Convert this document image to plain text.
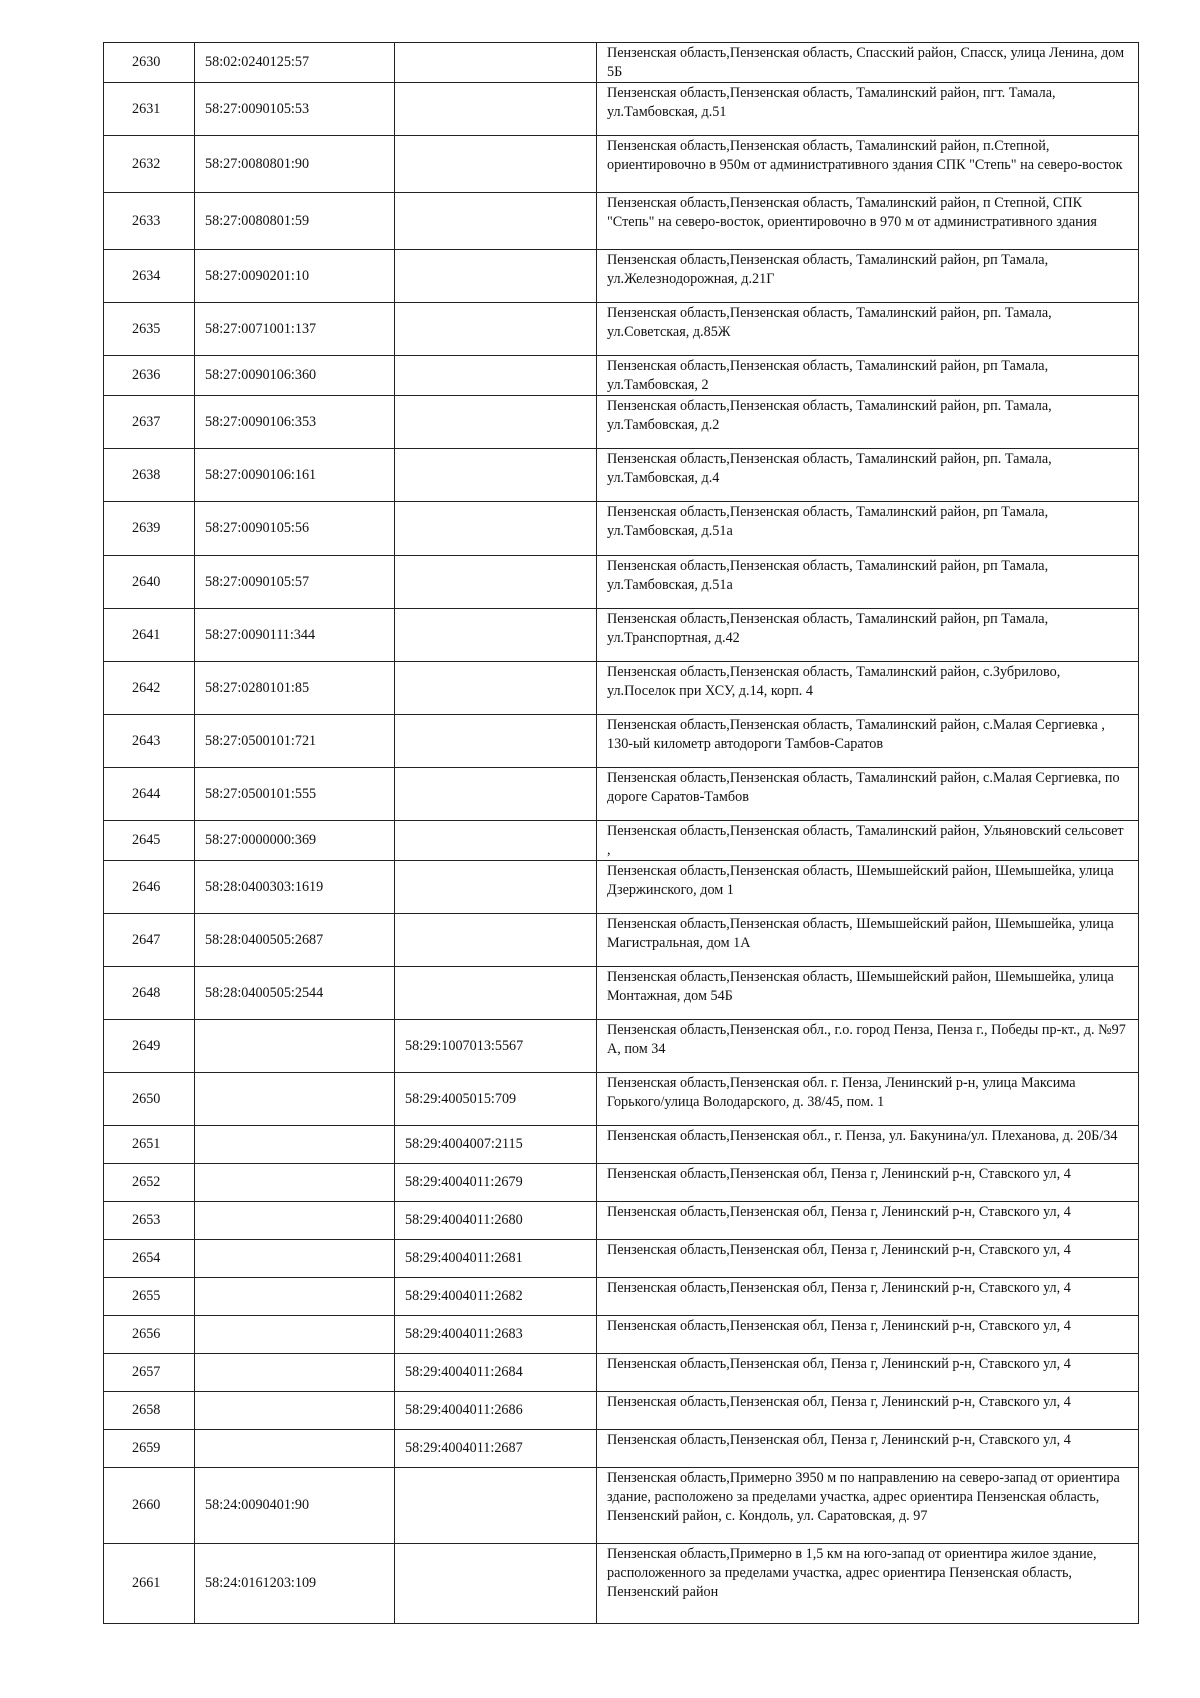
2630	58:02:0240125:57		Пензенская область,Пензенская область, Спасский район, Спасск, улица Ленина, дом 5Б
2631	58:27:0090105:53		Пензенская область,Пензенская область, Тамалинский район, пгт. Тамала, ул.Тамбовская, д.51
2632	58:27:0080801:90		Пензенская область,Пензенская область, Тамалинский район, п.Степной, ориентировочно в 950м от административного здания СПК "Степь" на северо-восток
2633	58:27:0080801:59		Пензенская область,Пензенская область, Тамалинский район, п Степной, СПК "Степь" на северо-восток, ориентировочно в 970 м от административного здания
2634	58:27:0090201:10		Пензенская область,Пензенская область, Тамалинский район, рп Тамала, ул.Железнодорожная, д.21Г
2635	58:27:0071001:137		Пензенская область,Пензенская область, Тамалинский район, рп. Тамала, ул.Советская, д.85Ж
2636	58:27:0090106:360		Пензенская область,Пензенская область, Тамалинский район, рп Тамала, ул.Тамбовская, 2
2637	58:27:0090106:353		Пензенская область,Пензенская область, Тамалинский район, рп. Тамала, ул.Тамбовская, д.2
2638	58:27:0090106:161		Пензенская область,Пензенская область, Тамалинский район, рп. Тамала, ул.Тамбовская, д.4
2639	58:27:0090105:56		Пензенская область,Пензенская область, Тамалинский район, рп Тамала, ул.Тамбовская, д.51а
2640	58:27:0090105:57		Пензенская область,Пензенская область, Тамалинский район, рп Тамала, ул.Тамбовская, д.51а
2641	58:27:0090111:344		Пензенская область,Пензенская область, Тамалинский район, рп Тамала, ул.Транспортная, д.42
2642	58:27:0280101:85		Пензенская область,Пензенская область, Тамалинский район, с.Зубрилово, ул.Поселок при ХСУ, д.14, корп. 4
2643	58:27:0500101:721		Пензенская область,Пензенская область, Тамалинский район, с.Малая Сергиевка , 130-ый километр автодороги Тамбов-Саратов
2644	58:27:0500101:555		Пензенская область,Пензенская область, Тамалинский район, с.Малая Сергиевка, по дороге Саратов-Тамбов
2645	58:27:0000000:369		Пензенская область,Пензенская область, Тамалинский район, Ульяновский сельсовет ,
2646	58:28:0400303:1619		Пензенская область,Пензенская область, Шемышейский район, Шемышейка, улица Дзержинского, дом 1
2647	58:28:0400505:2687		Пензенская область,Пензенская область, Шемышейский район, Шемышейка, улица Магистральная, дом 1А
2648	58:28:0400505:2544		Пензенская область,Пензенская область, Шемышейский район, Шемышейка, улица Монтажная, дом 54Б
2649		58:29:1007013:5567	Пензенская область,Пензенская обл., г.о. город Пенза, Пенза г., Победы пр-кт., д. №97 А, пом 34
2650		58:29:4005015:709	Пензенская область,Пензенская обл. г. Пенза, Ленинский р-н, улица Максима Горького/улица Володарского, д. 38/45, пом. 1
2651		58:29:4004007:2115	Пензенская область,Пензенская обл., г. Пенза, ул. Бакунина/ул. Плеханова, д. 20Б/34
2652		58:29:4004011:2679	Пензенская область,Пензенская обл, Пенза г, Ленинский р-н, Ставского ул, 4
2653		58:29:4004011:2680	Пензенская область,Пензенская обл, Пенза г, Ленинский р-н, Ставского ул, 4
2654		58:29:4004011:2681	Пензенская область,Пензенская обл, Пенза г, Ленинский р-н, Ставского ул, 4
2655		58:29:4004011:2682	Пензенская область,Пензенская обл, Пенза г, Ленинский р-н, Ставского ул, 4
2656		58:29:4004011:2683	Пензенская область,Пензенская обл, Пенза г, Ленинский р-н, Ставского ул, 4
2657		58:29:4004011:2684	Пензенская область,Пензенская обл, Пенза г, Ленинский р-н, Ставского ул, 4
2658		58:29:4004011:2686	Пензенская область,Пензенская обл, Пенза г, Ленинский р-н, Ставского ул, 4
2659		58:29:4004011:2687	Пензенская область,Пензенская обл, Пенза г, Ленинский р-н, Ставского ул, 4
2660	58:24:0090401:90		Пензенская область,Примерно 3950 м по направлению на северо-запад от ориентира здание, расположено за пределами участка, адрес ориентира Пензенская область, Пензенский район, с. Кондоль, ул. Саратовская, д. 97
2661	58:24:0161203:109		Пензенская область,Примерно в 1,5 км на юго-запад от ориентира жилое здание, расположенного за пределами участка, адрес ориентира Пензенская область, Пензенский район
